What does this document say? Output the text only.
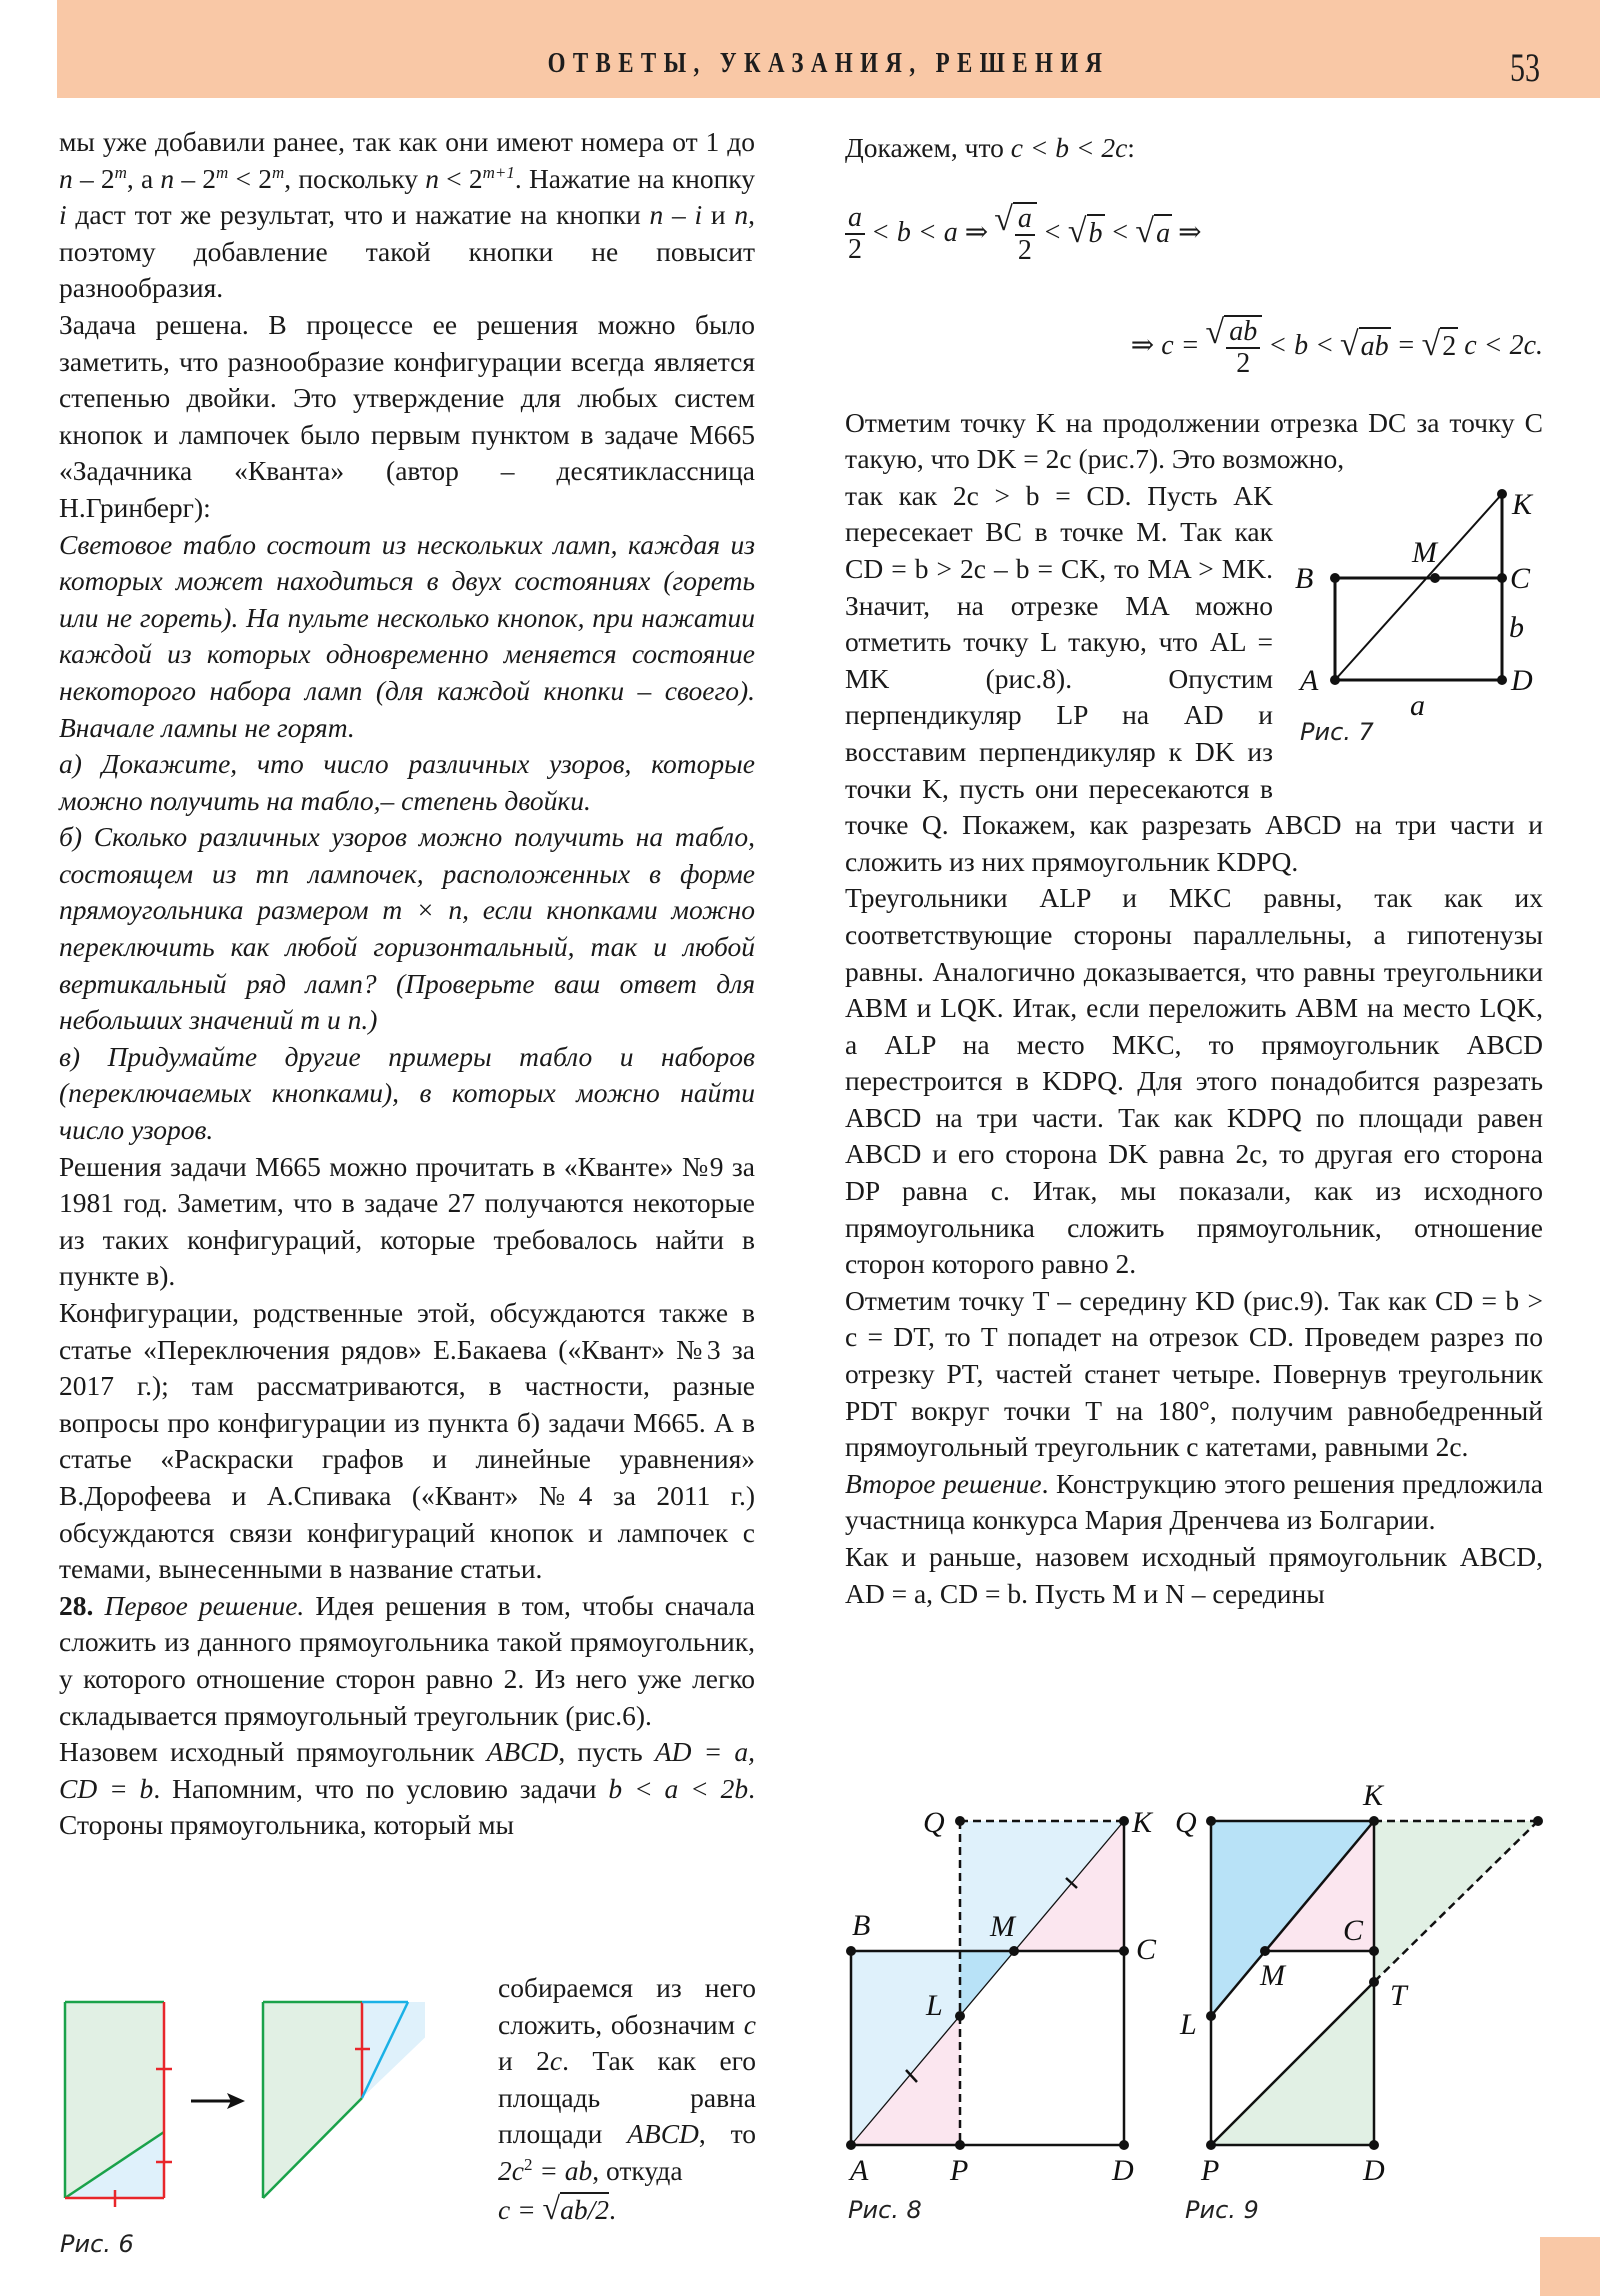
ОТВЕТЫ, УКАЗАНИЯ, РЕШЕНИЯ	53

мы уже добавили ранее, так как они имеют номера от 1 до n – 2$^m$, а $n - 2^m < 2^m$, поскольку $n < 2^{m+1}$. Нажатие на кнопку i даст тот же результат, что и нажатие на кнопки n – i и n, поэтому добавление такой кнопки не повысит разнообразия.

Задача решена. В процессе ее решения можно было заметить, что разнообразие конфигурации всегда является степенью двойки. Это утверждение для любых систем кнопок и лампочек было первым пунктом в задаче М665 «Задачника «Кванта» (автор – десятиклассница Н.Гринберг):

Световое табло состоит из нескольких ламп, каждая из которых может находиться в двух состояниях (гореть или не гореть). На пульте несколько кнопок, при нажатии каждой из которых одновременно меняется состояние некоторого набора ламп (для каждой кнопки – своего). Вначале лампы не горят.

а) Докажите, что число различных узоров, которые можно получить на табло,– степень двойки.

б) Сколько различных узоров можно получить на табло, состоящем из mn лампочек, расположенных в форме прямоугольника размером m × n, если кнопками можно переключить как любой горизонтальный, так и любой вертикальный ряд ламп? (Проверьте ваш ответ для небольших значений m и n.)

в) Придумайте другие примеры табло и наборов (переключаемых кнопками), в которых можно найти число узоров.

Решения задачи М665 можно прочитать в «Кванте» №9 за 1981 год. Заметим, что в задаче 27 получаются некоторые из таких конфигураций, которые требовалось найти в пункте в).

Конфигурации, родственные этой, обсуждаются также в статье «Переключения рядов» Е.Бакаева («Квант» №3 за 2017 г.); там рассматриваются, в частности, разные вопросы про конфигурации из пункта б) задачи М665. А в статье «Раскраски графов и линейные уравнения» В.Дорофеева и А.Спивака («Квант» №4 за 2011 г.) обсуждаются связи конфигураций кнопок и лампочек с темами, вынесенными в название статьи.

28. Первое решение. Идея решения в том, чтобы сначала сложить из данного прямоугольника такой прямоугольник, у которого отношение сторон равно 2. Из него уже легко складывается прямоугольный треугольник (рис.6).

Назовем исходный прямоугольник ABCD, пусть AD = a, CD = b. Напомним, что по условию задачи b < a < 2b. Стороны прямоугольника, который мы

Рис. 6
собираемся из него сложить, обозначим c и 2c. Так как его площадь равна площади ABCD, то $2c^2$ = ab, откуда
c = √ab/2.

Докажем, что c < b < 2c:

$\frac{a}{2} < b < a$ ⇒ √ $\frac{a}{2}$ < √ b < √ a ⇒
⇒ c = √ $\frac{ab}{2} < b$ < √ ab = √ 2 c < 2c.

Отметим точку K на продолжении отрезка DC за точку C такую, что DK = 2c (рис.7). Это возможно,

так как 2c > b = CD. Пусть AK пересекает BC в точке M. Так как CD = b > 2c – b = CK, то MA > MK. Значит, на отрезке MA можно отметить точку L такую, что AL = MK (рис.8). Опустим перпендикуляр LP на AD и восставим перпендикуляр к DK из точки K, пусть они пересекаются в точке Q. Покажем, как разрезать ABCD на три части и сложить из них прямоугольник KDPQ.

Треугольники ALP и MKC равны, так как их соответствующие стороны параллельны, а гипотенузы равны. Аналогично доказывается, что равны треугольники ABM и LQK. Итак, если переложить ABM на место LQK, а ALP на место MKC, то прямоугольник ABCD перестроится в KDPQ. Для этого понадобится разрезать ABCD на три части. Так как KDPQ по площади равен ABCD и его сторона DK равна 2c, то другая его сторона DP равна c. Итак, мы показали, как из исходного прямоугольника сложить прямоугольник, отношение сторон которого равно 2.

Отметим точку T – середину KD (рис.9). Так как CD = b > c = DT, то T попадет на отрезок CD. Проведем разрез по отрезку PT, частей станет четыре. Повернув треугольник PDT вокруг точки T на 180°, получим равнобедренный прямоугольный треугольник с катетами, равными 2c.

Второе решение. Конструкцию этого решения предложила участница конкурса Мария Дренчева из Болгарии.

Как и раньше, назовем исходный прямоугольник ABCD, AD = a, CD = b. Пусть M и N – середины

K
M
B	C
b
A	D
a
Рис. 7
Q	K
B	M
C
L
A	P	D
Рис. 8
K
Q
C
M
T
L
P	D
Рис. 9
